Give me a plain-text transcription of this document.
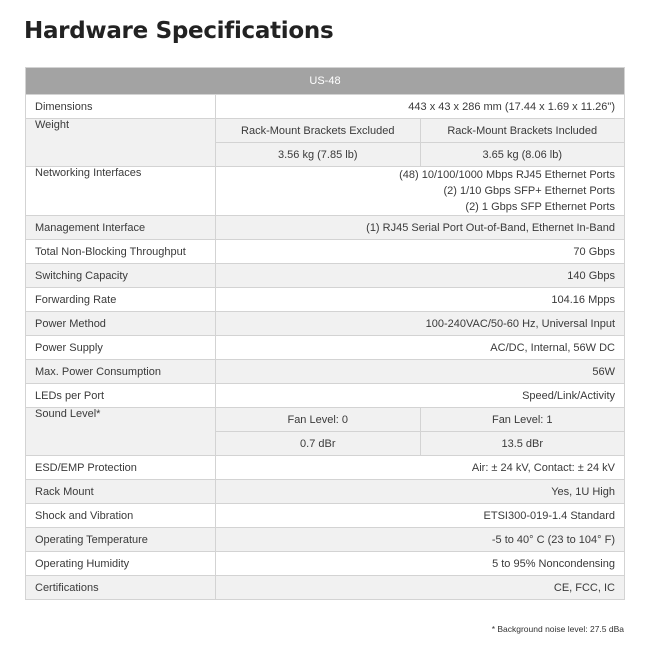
Hardware Specifications
US-48		
Dimensions	443 x 43 x 286 mm (17.44 x 1.69 x 11.26")	
Weight	Rack-Mount Brackets Excluded	Rack-Mount Brackets Included
	3.56 kg (7.85 lb)	3.65 kg (8.06 lb)
Networking Interfaces	(48) 10/100/1000 Mbps RJ45 Ethernet Ports
(2) 1/10 Gbps SFP+ Ethernet Ports
(2) 1 Gbps SFP Ethernet Ports	

Management Interface	(1) RJ45 Serial Port Out-of-Band, Ethernet In-Band	
Total Non-Blocking Throughput	70 Gbps	
Switching Capacity	140 Gbps	
Forwarding Rate	104.16 Mpps	
Power Method	100-240VAC/50-60 Hz, Universal Input	
Power Supply	AC/DC, Internal, 56W DC	
Max. Power Consumption	56W	
LEDs per Port	Speed/Link/Activity	
Sound Level*	Fan Level: 0	Fan Level: 1
	0.7 dBr	13.5 dBr
ESD/EMP Protection	Air: ± 24 kV, Contact: ± 24 kV	
Rack Mount	Yes, 1U High	
Shock and Vibration	ETSI300-019-1.4 Standard	
Operating Temperature	-5 to 40° C (23 to 104° F)	
Operating Humidity	5 to 95% Noncondensing	
Certifications	CE, FCC, IC	
* Background noise level: 27.5 dBa
